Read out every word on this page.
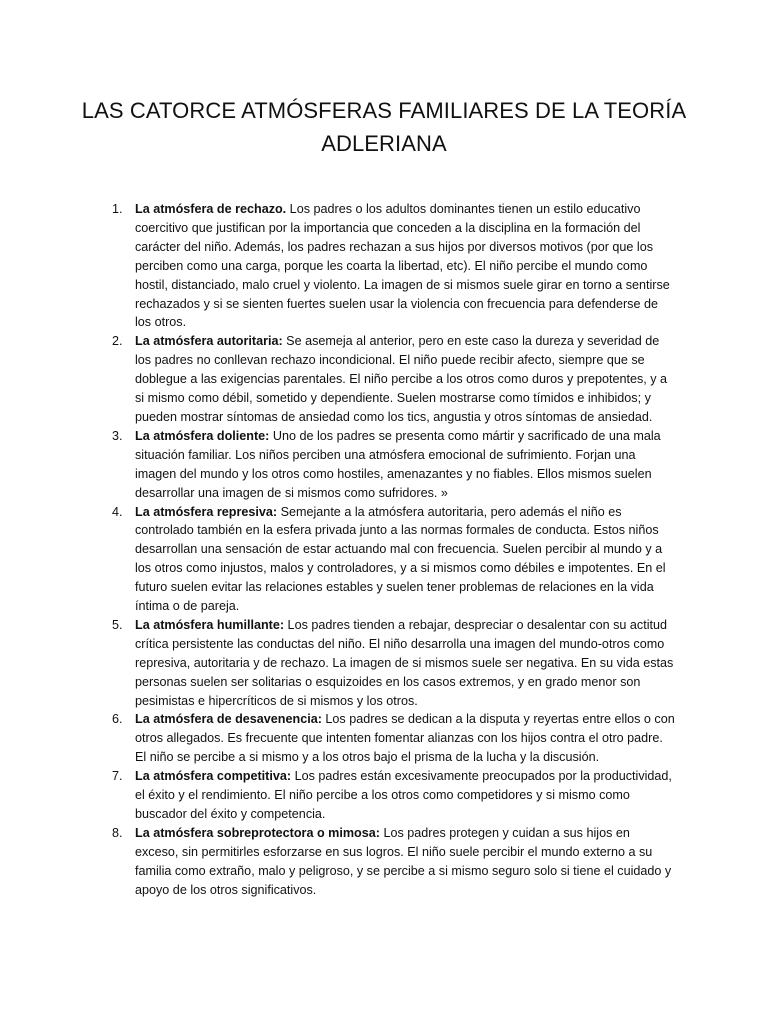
LAS CATORCE ATMÓSFERAS FAMILIARES DE LA TEORÍA ADLERIANA
1. La atmósfera de rechazo. Los padres o los adultos dominantes tienen un estilo educativo coercitivo que justifican por la importancia que conceden a la disciplina en la formación del carácter del niño. Además, los padres rechazan a sus hijos por diversos motivos (por que los perciben como una carga, porque les coarta la libertad, etc). El niño percibe el mundo como hostil, distanciado, malo cruel y violento. La imagen de si mismos suele girar en torno a sentirse rechazados y si se sienten fuertes suelen usar la violencia con frecuencia para defenderse de los otros.
2. La atmósfera autoritaria: Se asemeja al anterior, pero en este caso la dureza y severidad de los padres no conllevan rechazo incondicional. El niño puede recibir afecto, siempre que se doblegue a las exigencias parentales. El niño percibe a los otros como duros y prepotentes, y a si mismo como débil, sometido y dependiente. Suelen mostrarse como tímidos e inhibidos; y pueden mostrar síntomas de ansiedad como los tics, angustia y otros síntomas de ansiedad.
3. La atmósfera doliente: Uno de los padres se presenta como mártir y sacrificado de una mala situación familiar. Los niños perciben una atmósfera emocional de sufrimiento. Forjan una imagen del mundo y los otros como hostiles, amenazantes y no fiables. Ellos mismos suelen desarrollar una imagen de si mismos como sufridores. »
4. La atmósfera represiva: Semejante a la atmósfera autoritaria, pero además el niño es controlado también en la esfera privada junto a las normas formales de conducta. Estos niños desarrollan una sensación de estar actuando mal con frecuencia. Suelen percibir al mundo y a los otros como injustos, malos y controladores, y a si mismos como débiles e impotentes. En el futuro suelen evitar las relaciones estables y suelen tener problemas de relaciones en la vida íntima o de pareja.
5. La atmósfera humillante: Los padres tienden a rebajar, despreciar o desalentar con su actitud crítica persistente las conductas del niño. El niño desarrolla una imagen del mundo-otros como represiva, autoritaria y de rechazo. La imagen de si mismos suele ser negativa. En su vida estas personas suelen ser solitarias o esquizoides en los casos extremos, y en grado menor son pesimistas e hipercríticos de si mismos y los otros.
6. La atmósfera de desavenencia: Los padres se dedican a la disputa y reyertas entre ellos o con otros allegados. Es frecuente que intenten fomentar alianzas con los hijos contra el otro padre. El niño se percibe a si mismo y a los otros bajo el prisma de la lucha y la discusión.
7. La atmósfera competitiva: Los padres están excesivamente preocupados por la productividad, el éxito y el rendimiento. El niño percibe a los otros como competidores y si mismo como buscador del éxito y competencia.
8. La atmósfera sobreprotectora o mimosa: Los padres protegen y cuidan a sus hijos en exceso, sin permitirles esforzarse en sus logros. El niño suele percibir el mundo externo a su familia como extraño, malo y peligroso, y se percibe a si mismo seguro solo si tiene el cuidado y apoyo de los otros significativos.
